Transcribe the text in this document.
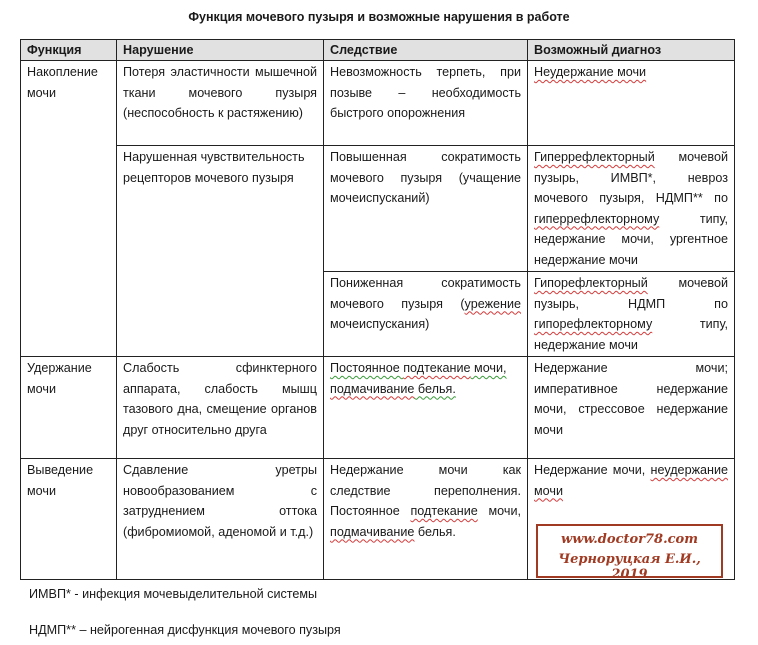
Функция мочевого пузыря и возможные нарушения в работе
Функция	Нарушение	Следствие	Возможный диагноз
Накопление мочи	Потеря эластичности мышечной ткани мочевого пузыря (неспособность к растяжению)	Невозможность терпеть, при позыве – необходимость быстрого опорожнения	Неудержание мочи
	Нарушенная чувствительность рецепторов мочевого пузыря	Повышенная сократимость мочевого пузыря (учащение мочеиспусканий)	Гиперрефлекторный мочевой пузырь, ИМВП*, невроз мочевого пузыря, НДМП** по гиперрефлекторному типу, недержание мочи, ургентное недержание мочи
		Пониженная сократимость мочевого пузыря (урежение мочеиспускания)	Гипорефлекторный мочевой пузырь, НДМП по гипорефлекторному типу, недержание мочи
Удержание мочи	Слабость сфинктерного аппарата, слабость мышц тазового дна, смещение органов друг относительно друга	Постоянное подтекание мочи, подмачивание белья.	Недержание мочи; императивное недержание мочи, стрессовое недержание мочи
Выведение мочи	Сдавление уретры новообразованием с затруднением оттока (фибромиомой, аденомой и т.д.)	Недержание мочи как следствие переполнения. Постоянное подтекание мочи, подмачивание белья.	Недержание мочи, неудержание мочи
www.doctor78.com
Черноруцкая Е.И., 2019
ИМВП* - инфекция мочевыделительной системы
НДМП** – нейрогенная дисфункция мочевого пузыря
